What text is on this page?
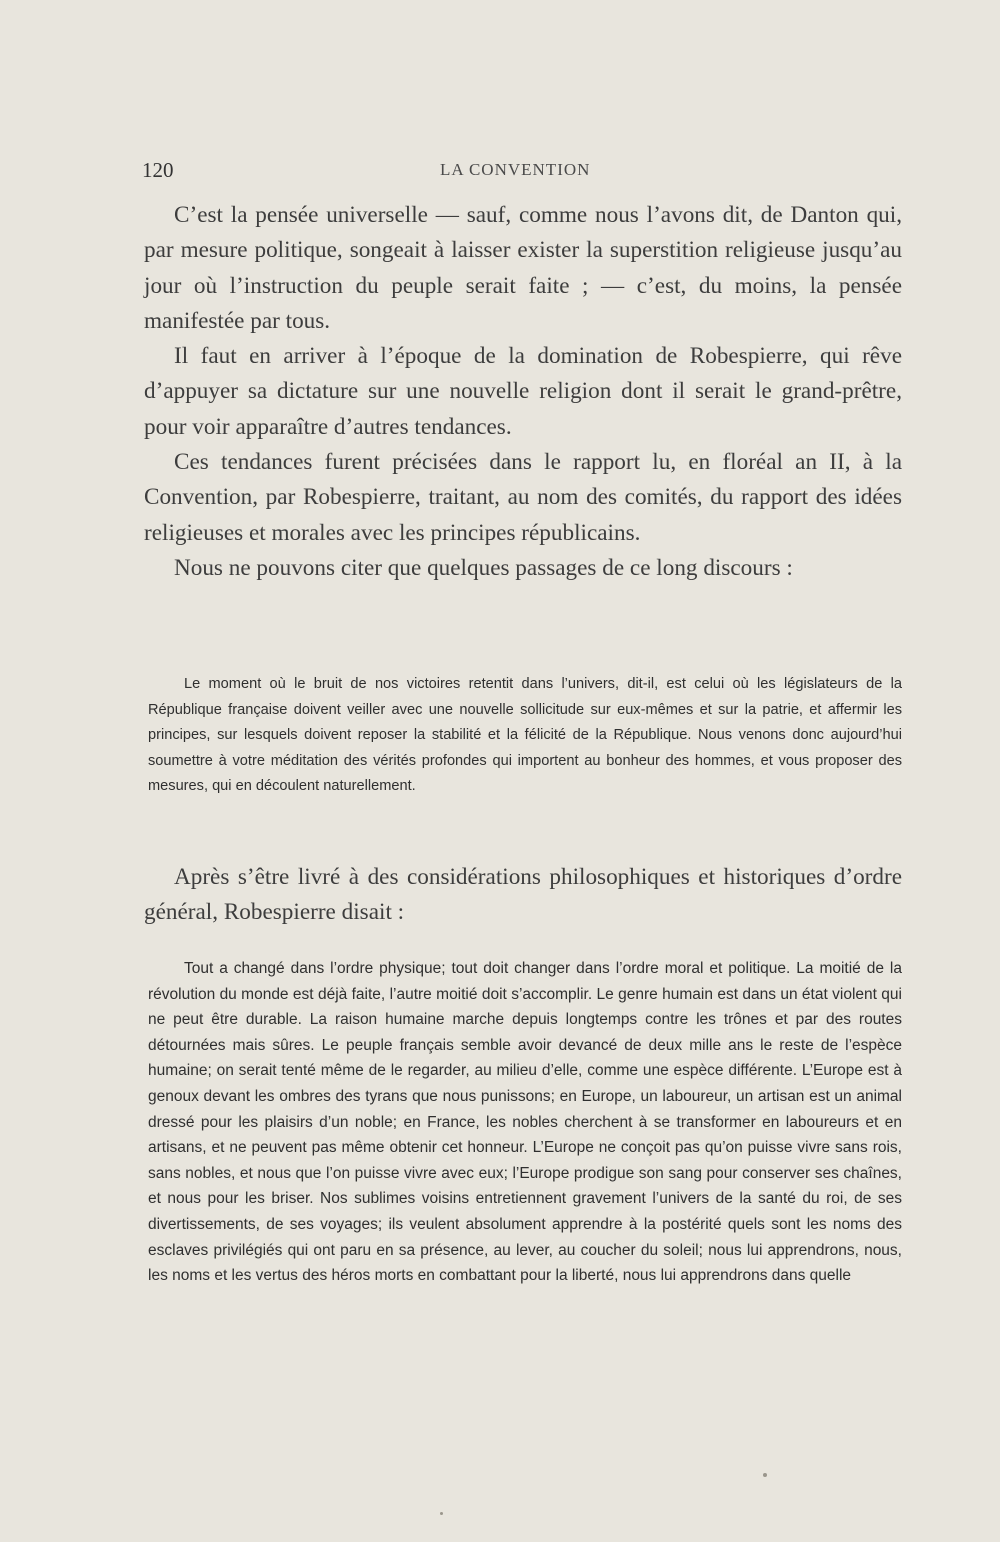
120	LA CONVENTION

C’est la pensée universelle — sauf, comme nous l’avons dit, de Danton qui, par mesure politique, songeait à laisser exister la superstition religieuse jusqu’au jour où l’instruction du peuple serait faite ; — c’est, du moins, la pensée manifestée par tous.

Il faut en arriver à l’époque de la domination de Robespierre, qui rêve d’appuyer sa dictature sur une nouvelle religion dont il serait le grand-prêtre, pour voir apparaître d’autres tendances.

Ces tendances furent précisées dans le rapport lu, en floréal an II, à la Convention, par Robespierre, traitant, au nom des comités, du rapport des idées religieuses et morales avec les principes républicains.

Nous ne pouvons citer que quelques passages de ce long discours :

Le moment où le bruit de nos victoires retentit dans l’univers, dit-il, est celui où les législateurs de la République française doivent veiller avec une nouvelle sollicitude sur eux-mêmes et sur la patrie, et affermir les principes, sur lesquels doivent reposer la stabilité et la félicité de la République. Nous venons donc aujourd’hui soumettre à votre méditation des vérités profondes qui importent au bonheur des hommes, et vous proposer des mesures, qui en découlent naturellement.

Après s’être livré à des considérations philosophiques et historiques d’ordre général, Robespierre disait :

Tout a changé dans l’ordre physique; tout doit changer dans l’ordre moral et politique. La moitié de la révolution du monde est déjà faite, l’autre moitié doit s’accomplir. Le genre humain est dans un état violent qui ne peut être durable. La raison humaine marche depuis longtemps contre les trônes et par des routes détournées mais sûres. Le peuple français semble avoir devancé de deux mille ans le reste de l’espèce humaine; on serait tenté même de le regarder, au milieu d’elle, comme une espèce différente. L’Europe est à genoux devant les ombres des tyrans que nous punissons; en Europe, un laboureur, un artisan est un animal dressé pour les plaisirs d’un noble; en France, les nobles cherchent à se transformer en laboureurs et en artisans, et ne peuvent pas même obtenir cet honneur. L’Europe ne conçoit pas qu’on puisse vivre sans rois, sans nobles, et nous que l’on puisse vivre avec eux; l’Europe prodigue son sang pour conserver ses chaînes, et nous pour les briser. Nos sublimes voisins entretiennent gravement l’univers de la santé du roi, de ses divertissements, de ses voyages; ils veulent absolument apprendre à la postérité quels sont les noms des esclaves privilégiés qui ont paru en sa présence, au lever, au coucher du soleil; nous lui apprendrons, nous, les noms et les vertus des héros morts en combattant pour la liberté, nous lui apprendrons dans quelle
